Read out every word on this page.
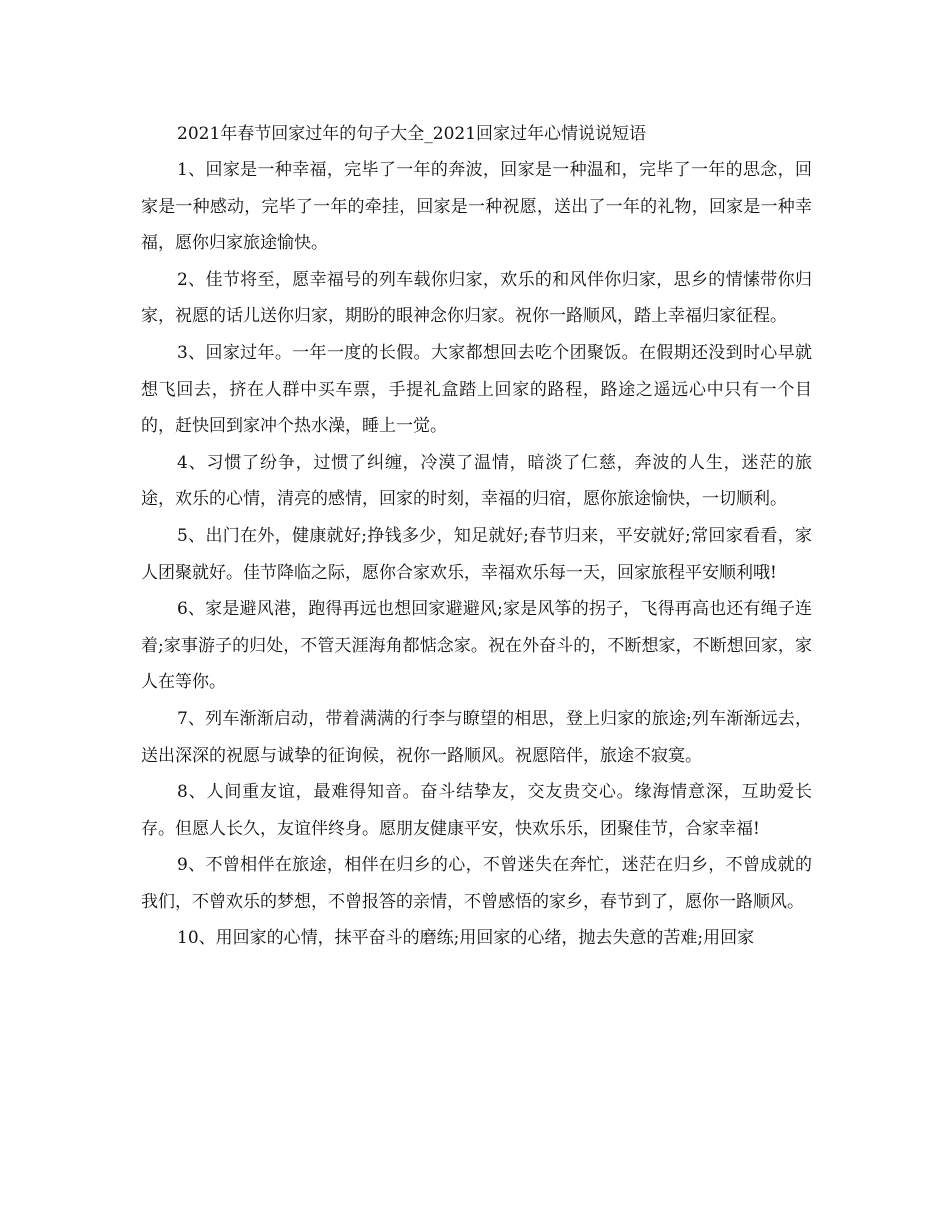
2021年春节回家过年的句子大全_2021回家过年心情说说短语

1、回家是一种幸福，完毕了一年的奔波，回家是一种温和，完毕了一年的思念，回家是一种感动，完毕了一年的牵挂，回家是一种祝愿，送出了一年的礼物，回家是一种幸福，愿你归家旅途愉快。

2、佳节将至，愿幸福号的列车载你归家，欢乐的和风伴你归家，思乡的情愫带你归家，祝愿的话儿送你归家，期盼的眼神念你归家。祝你一路顺风，踏上幸福归家征程。

3、回家过年。一年一度的长假。大家都想回去吃个团聚饭。在假期还没到时心早就想飞回去，挤在人群中买车票，手提礼盒踏上回家的路程，路途之遥远心中只有一个目的，赶快回到家冲个热水澡，睡上一觉。

4、习惯了纷争，过惯了纠缠，冷漠了温情，暗淡了仁慈，奔波的人生，迷茫的旅途，欢乐的心情，清亮的感情，回家的时刻，幸福的归宿，愿你旅途愉快，一切顺利。

5、出门在外，健康就好;挣钱多少，知足就好;春节归来，平安就好;常回家看看，家人团聚就好。佳节降临之际，愿你合家欢乐，幸福欢乐每一天，回家旅程平安顺利哦!

6、家是避风港，跑得再远也想回家避避风;家是风筝的拐子，飞得再高也还有绳子连着;家事游子的归处，不管天涯海角都惦念家。祝在外奋斗的，不断想家，不断想回家，家人在等你。

7、列车渐渐启动，带着满满的行李与瞭望的相思，登上归家的旅途;列车渐渐远去，送出深深的祝愿与诚挚的征询候，祝你一路顺风。祝愿陪伴，旅途不寂寞。

8、人间重友谊，最难得知音。奋斗结挚友，交友贵交心。缘海情意深，互助爱长存。但愿人长久，友谊伴终身。愿朋友健康平安，快欢乐乐，团聚佳节，合家幸福!

9、不曾相伴在旅途，相伴在归乡的心，不曾迷失在奔忙，迷茫在归乡，不曾成就的我们，不曾欢乐的梦想，不曾报答的亲情，不曾感悟的家乡，春节到了，愿你一路顺风。

10、用回家的心情，抹平奋斗的磨练;用回家的心绪，抛去失意的苦难;用回家
